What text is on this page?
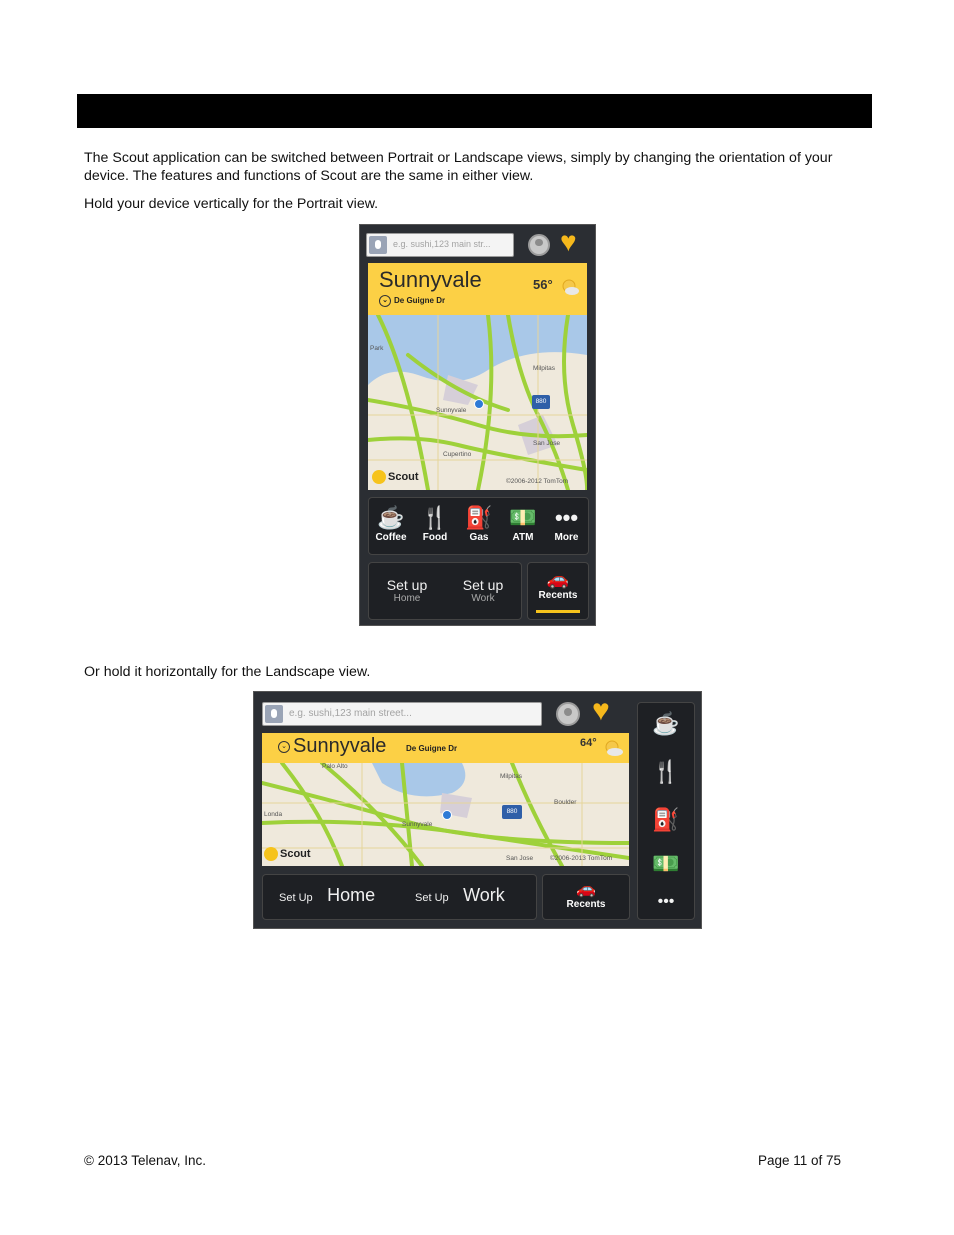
The Scout application can be switched between Portrait or Landscape views, simply by changing the orientation of your device. The features and functions of Scout are the same in either view.
Hold your device vertically for the Portrait view.
e.g. sushi,123 main str...	♥
Sunnyvale
⌄ De Guigne Dr
56°
Park
Milpitas
Sunnyvale
San Jose
Cupertino
880
Scout	©2006-2012 TomTom
☕
Coffee
🍴
Food
⛽
Gas
💵
ATM
•••
More
Set up
Home
Set up
Work
🚗
Recents
Or hold it horizontally for the Landscape view.
e.g. sushi,123 main street...	♥
⌄ Sunnyvale De Guigne Dr	64°
Palo Alto
Milpitas
Boulder
Londa
Sunnyvale
San Jose
880
Scout	©2006-2013 TomTom
Set Up Home	Set Up Work	🚗
Recents
☕
🍴
⛽
💵
•••
© 2013 Telenav, Inc.	Page 11 of 75
